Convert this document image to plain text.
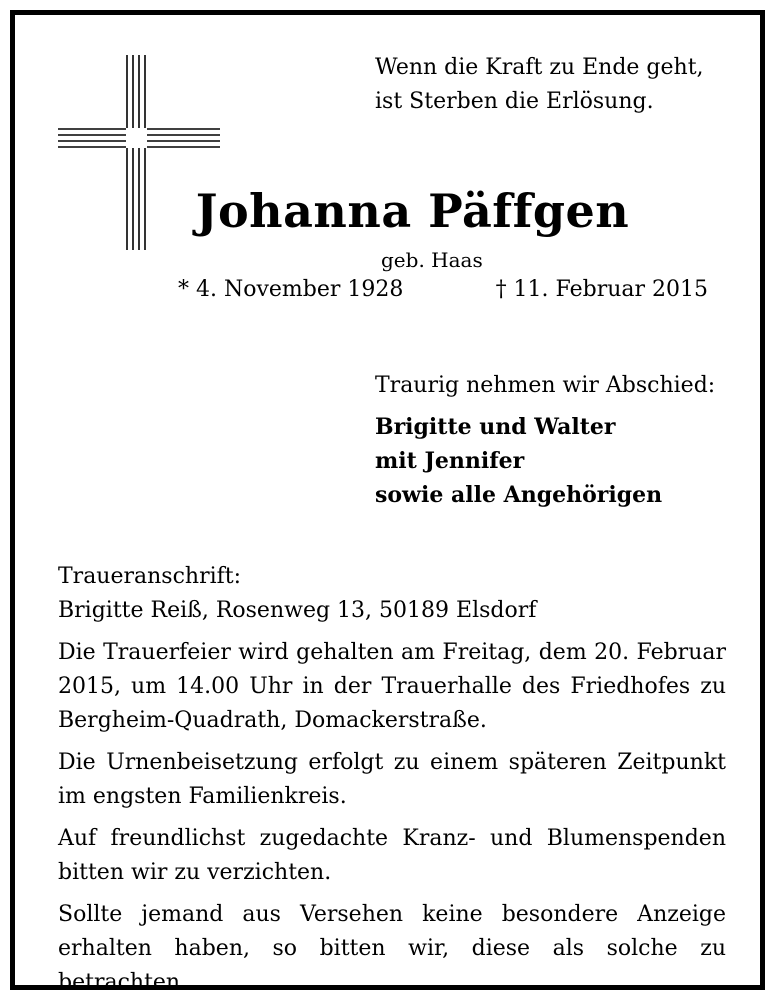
Wenn die Kraft zu Ende geht,
ist Sterben die Erlösung.
Johanna Päffgen
geb. Haas
* 4. November 1928	† 11. Februar 2015
Traurig nehmen wir Abschied:
Brigitte und Walter
mit Jennifer
sowie alle Angehörigen

Traueranschrift:
Brigitte Reiß, Rosenweg 13, 50189 Elsdorf

Die Trauerfeier wird gehalten am Freitag, dem 20. Februar 2015, um 14.00 Uhr in der Trauerhalle des Friedhofes zu Bergheim-Quadrath, Domackerstraße.

Die Urnenbeisetzung erfolgt zu einem späteren Zeitpunkt im engsten Familienkreis.

Auf freundlichst zugedachte Kranz- und Blumenspenden bitten wir zu verzichten.

Sollte jemand aus Versehen keine besondere Anzeige erhalten haben, so bitten wir, diese als solche zu betrachten.
